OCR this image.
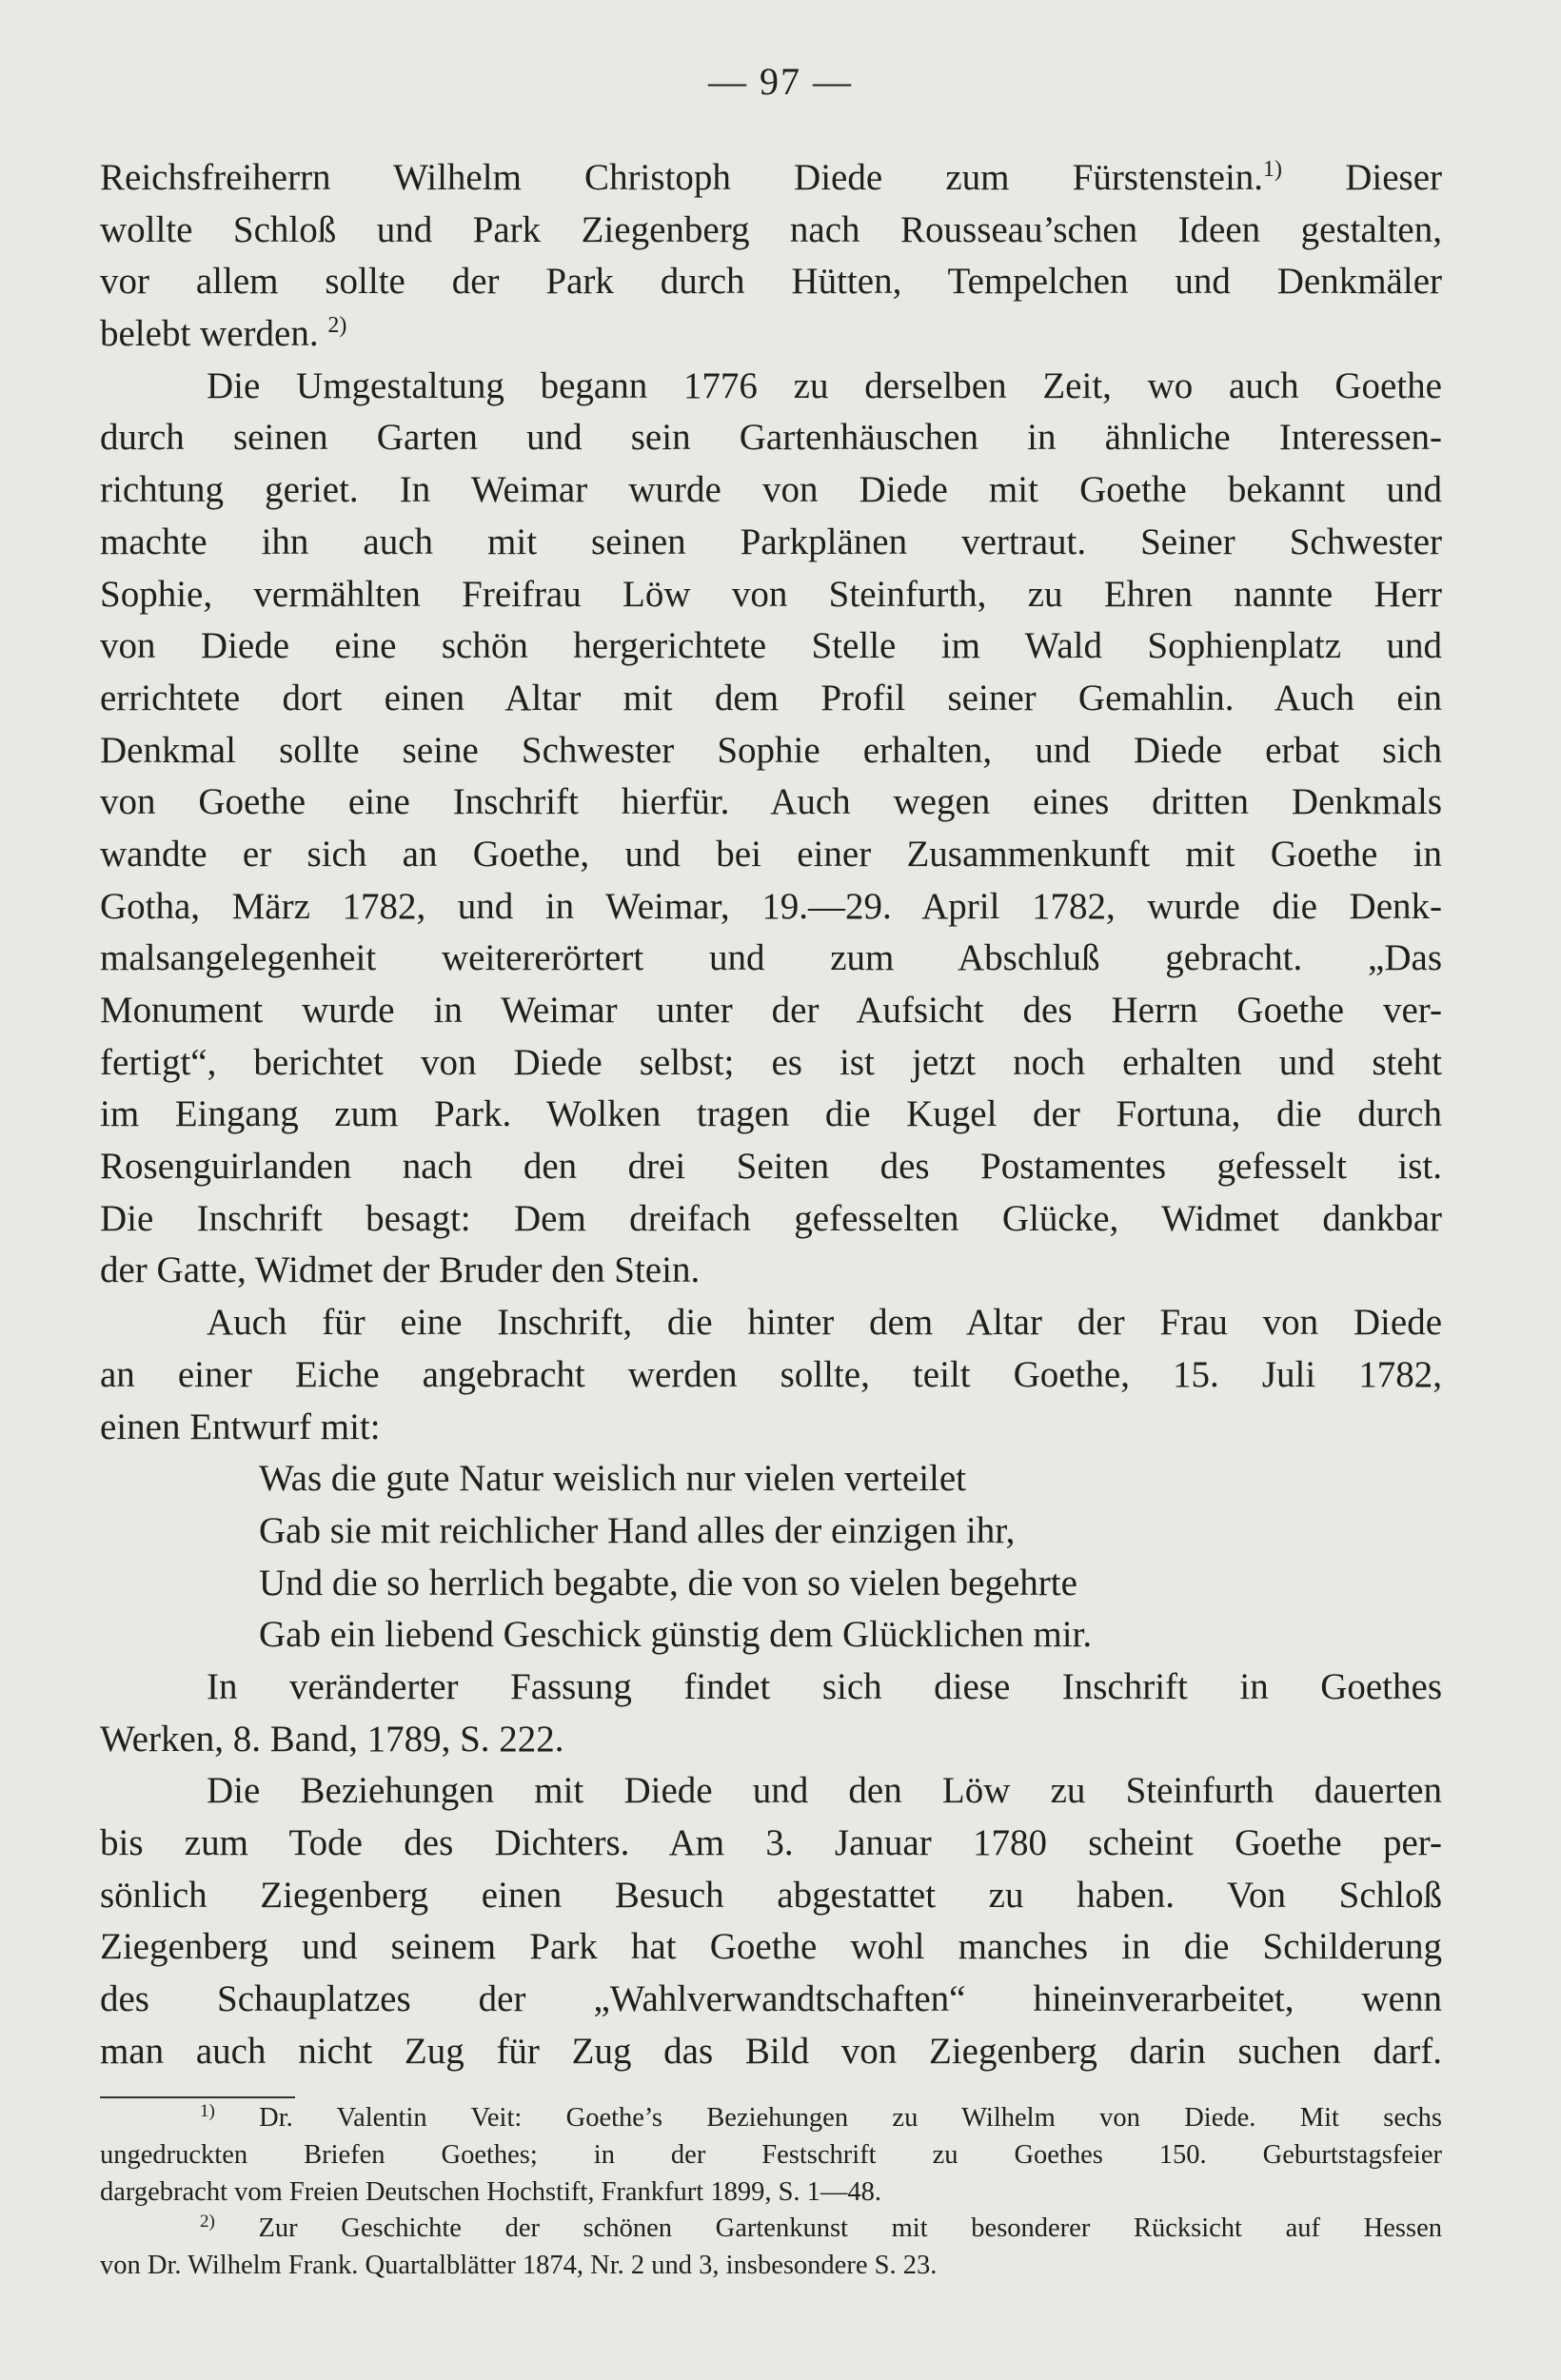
— 97 —
Reichsfreiherrn Wilhelm Christoph Diede zum Fürstenstein.$^{1)}$ Dieser
wollte Schloß und Park Ziegenberg nach Rousseau’schen Ideen gestalten,
vor allem sollte der Park durch Hütten, Tempelchen und Denkmäler
belebt werden. $^{2)}$
Die Umgestaltung begann 1776 zu derselben Zeit, wo auch Goethe
durch seinen Garten und sein Gartenhäuschen in ähnliche Interessen-
richtung geriet. In Weimar wurde von Diede mit Goethe bekannt und
machte ihn auch mit seinen Parkplänen vertraut. Seiner Schwester
Sophie, vermählten Freifrau Löw von Steinfurth, zu Ehren nannte Herr
von Diede eine schön hergerichtete Stelle im Wald Sophienplatz und
errichtete dort einen Altar mit dem Profil seiner Gemahlin. Auch ein
Denkmal sollte seine Schwester Sophie erhalten, und Diede erbat sich
von Goethe eine Inschrift hierfür. Auch wegen eines dritten Denkmals
wandte er sich an Goethe, und bei einer Zusammenkunft mit Goethe in
Gotha, März 1782, und in Weimar, 19.—29. April 1782, wurde die Denk-
malsangelegenheit weitererörtert und zum Abschluß gebracht. „Das
Monument wurde in Weimar unter der Aufsicht des Herrn Goethe ver-
fertigt“, berichtet von Diede selbst; es ist jetzt noch erhalten und steht
im Eingang zum Park. Wolken tragen die Kugel der Fortuna, die durch
Rosenguirlanden nach den drei Seiten des Postamentes gefesselt ist.
Die Inschrift besagt: Dem dreifach gefesselten Glücke, Widmet dankbar
der Gatte, Widmet der Bruder den Stein.
Auch für eine Inschrift, die hinter dem Altar der Frau von Diede
an einer Eiche angebracht werden sollte, teilt Goethe, 15. Juli 1782,
einen Entwurf mit:
Was die gute Natur weislich nur vielen verteilet
Gab sie mit reichlicher Hand alles der einzigen ihr,
Und die so herrlich begabte, die von so vielen begehrte
Gab ein liebend Geschick günstig dem Glücklichen mir.
In veränderter Fassung findet sich diese Inschrift in Goethes
Werken, 8. Band, 1789, S. 222.
Die Beziehungen mit Diede und den Löw zu Steinfurth dauerten
bis zum Tode des Dichters. Am 3. Januar 1780 scheint Goethe per-
sönlich Ziegenberg einen Besuch abgestattet zu haben. Von Schloß
Ziegenberg und seinem Park hat Goethe wohl manches in die Schilderung
des Schauplatzes der „Wahlverwandtschaften“ hineinverarbeitet, wenn
man auch nicht Zug für Zug das Bild von Ziegenberg darin suchen darf.
$^{1)}$ Dr. Valentin Veit: Goethe’s Beziehungen zu Wilhelm von Diede. Mit sechs
ungedruckten Briefen Goethes; in der Festschrift zu Goethes 150. Geburtstagsfeier
dargebracht vom Freien Deutschen Hochstift, Frankfurt 1899, S. 1—48.
$^{2)}$ Zur Geschichte der schönen Gartenkunst mit besonderer Rücksicht auf Hessen
von Dr. Wilhelm Frank. Quartalblätter 1874, Nr. 2 und 3, insbesondere S. 23.
